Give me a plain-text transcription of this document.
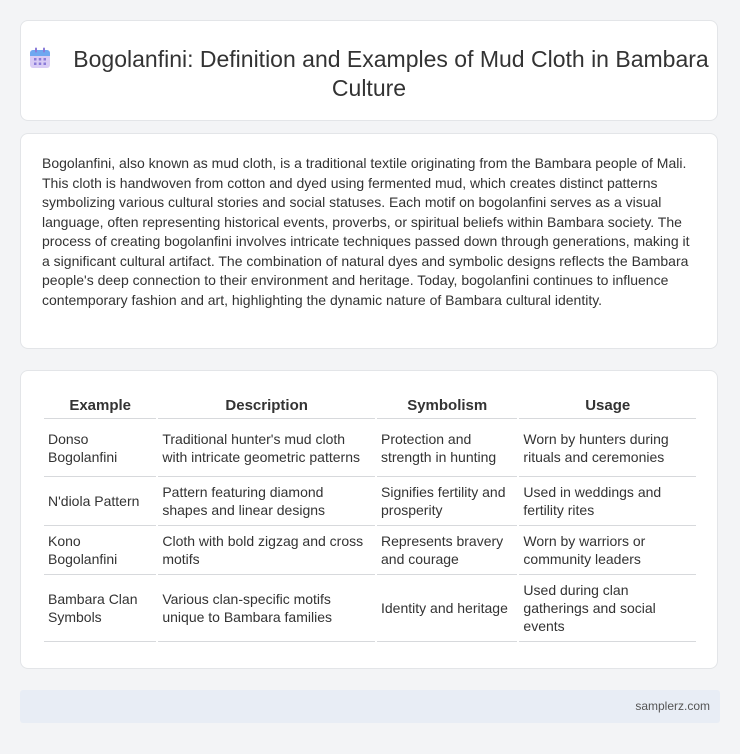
Bogolanfini: Definition and Examples of Mud Cloth in Bambara Culture
Bogolanfini, also known as mud cloth, is a traditional textile originating from the Bambara people of Mali. This cloth is handwoven from cotton and dyed using fermented mud, which creates distinct patterns symbolizing various cultural stories and social statuses. Each motif on bogolanfini serves as a visual language, often representing historical events, proverbs, or spiritual beliefs within Bambara society. The process of creating bogolanfini involves intricate techniques passed down through generations, making it a significant cultural artifact. The combination of natural dyes and symbolic designs reflects the Bambara people's deep connection to their environment and heritage. Today, bogolanfini continues to influence contemporary fashion and art, highlighting the dynamic nature of Bambara cultural identity.
Example	Description	Symbolism	Usage
Donso Bogolanfini	Traditional hunter's mud cloth with intricate geometric patterns	Protection and strength in hunting	Worn by hunters during rituals and ceremonies
N'diola Pattern	Pattern featuring diamond shapes and linear designs	Signifies fertility and prosperity	Used in weddings and fertility rites
Kono Bogolanfini	Cloth with bold zigzag and cross motifs	Represents bravery and courage	Worn by warriors or community leaders
Bambara Clan Symbols	Various clan-specific motifs unique to Bambara families	Identity and heritage	Used during clan gatherings and social events
samplerz.com
